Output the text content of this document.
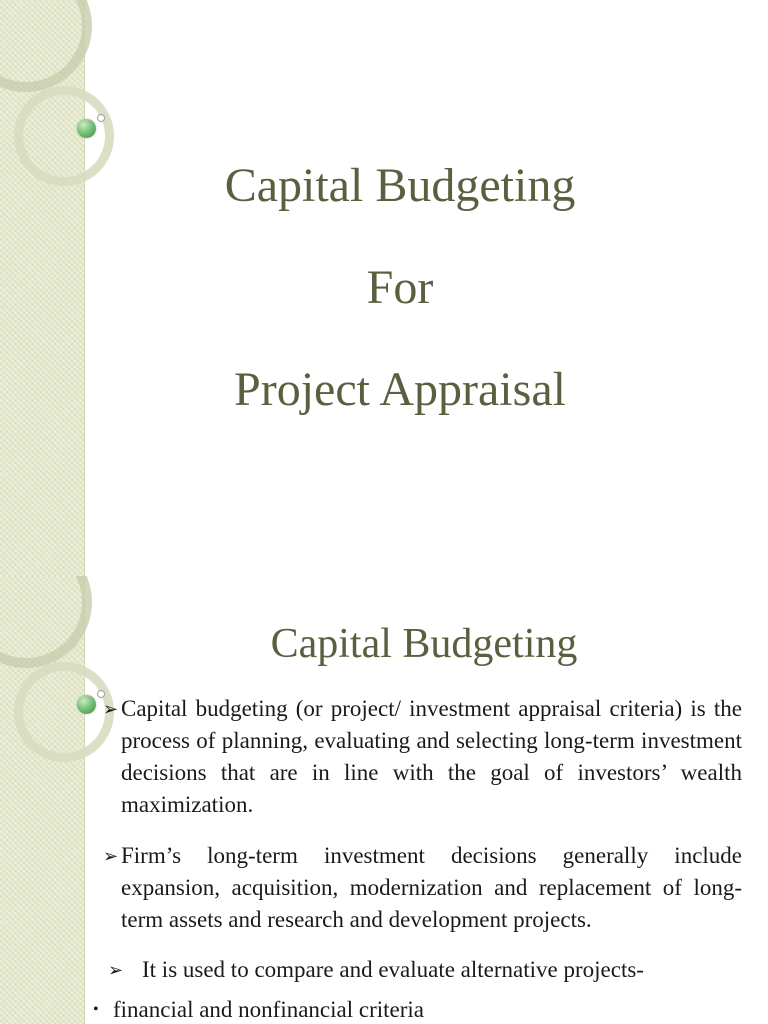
Capital Budgeting
For
Project Appraisal
Capital Budgeting
➢ Capital budgeting (or project/ investment appraisal criteria) is the process of planning, evaluating and selecting long-term investment decisions that are in line with the goal of investors’ wealth maximization.
➢ Firm’s long-term investment decisions generally include expansion, acquisition, modernization and replacement of long-term assets and research and development projects.
➢ It is used to compare and evaluate alternative projects-
• financial and nonfinancial criteria
